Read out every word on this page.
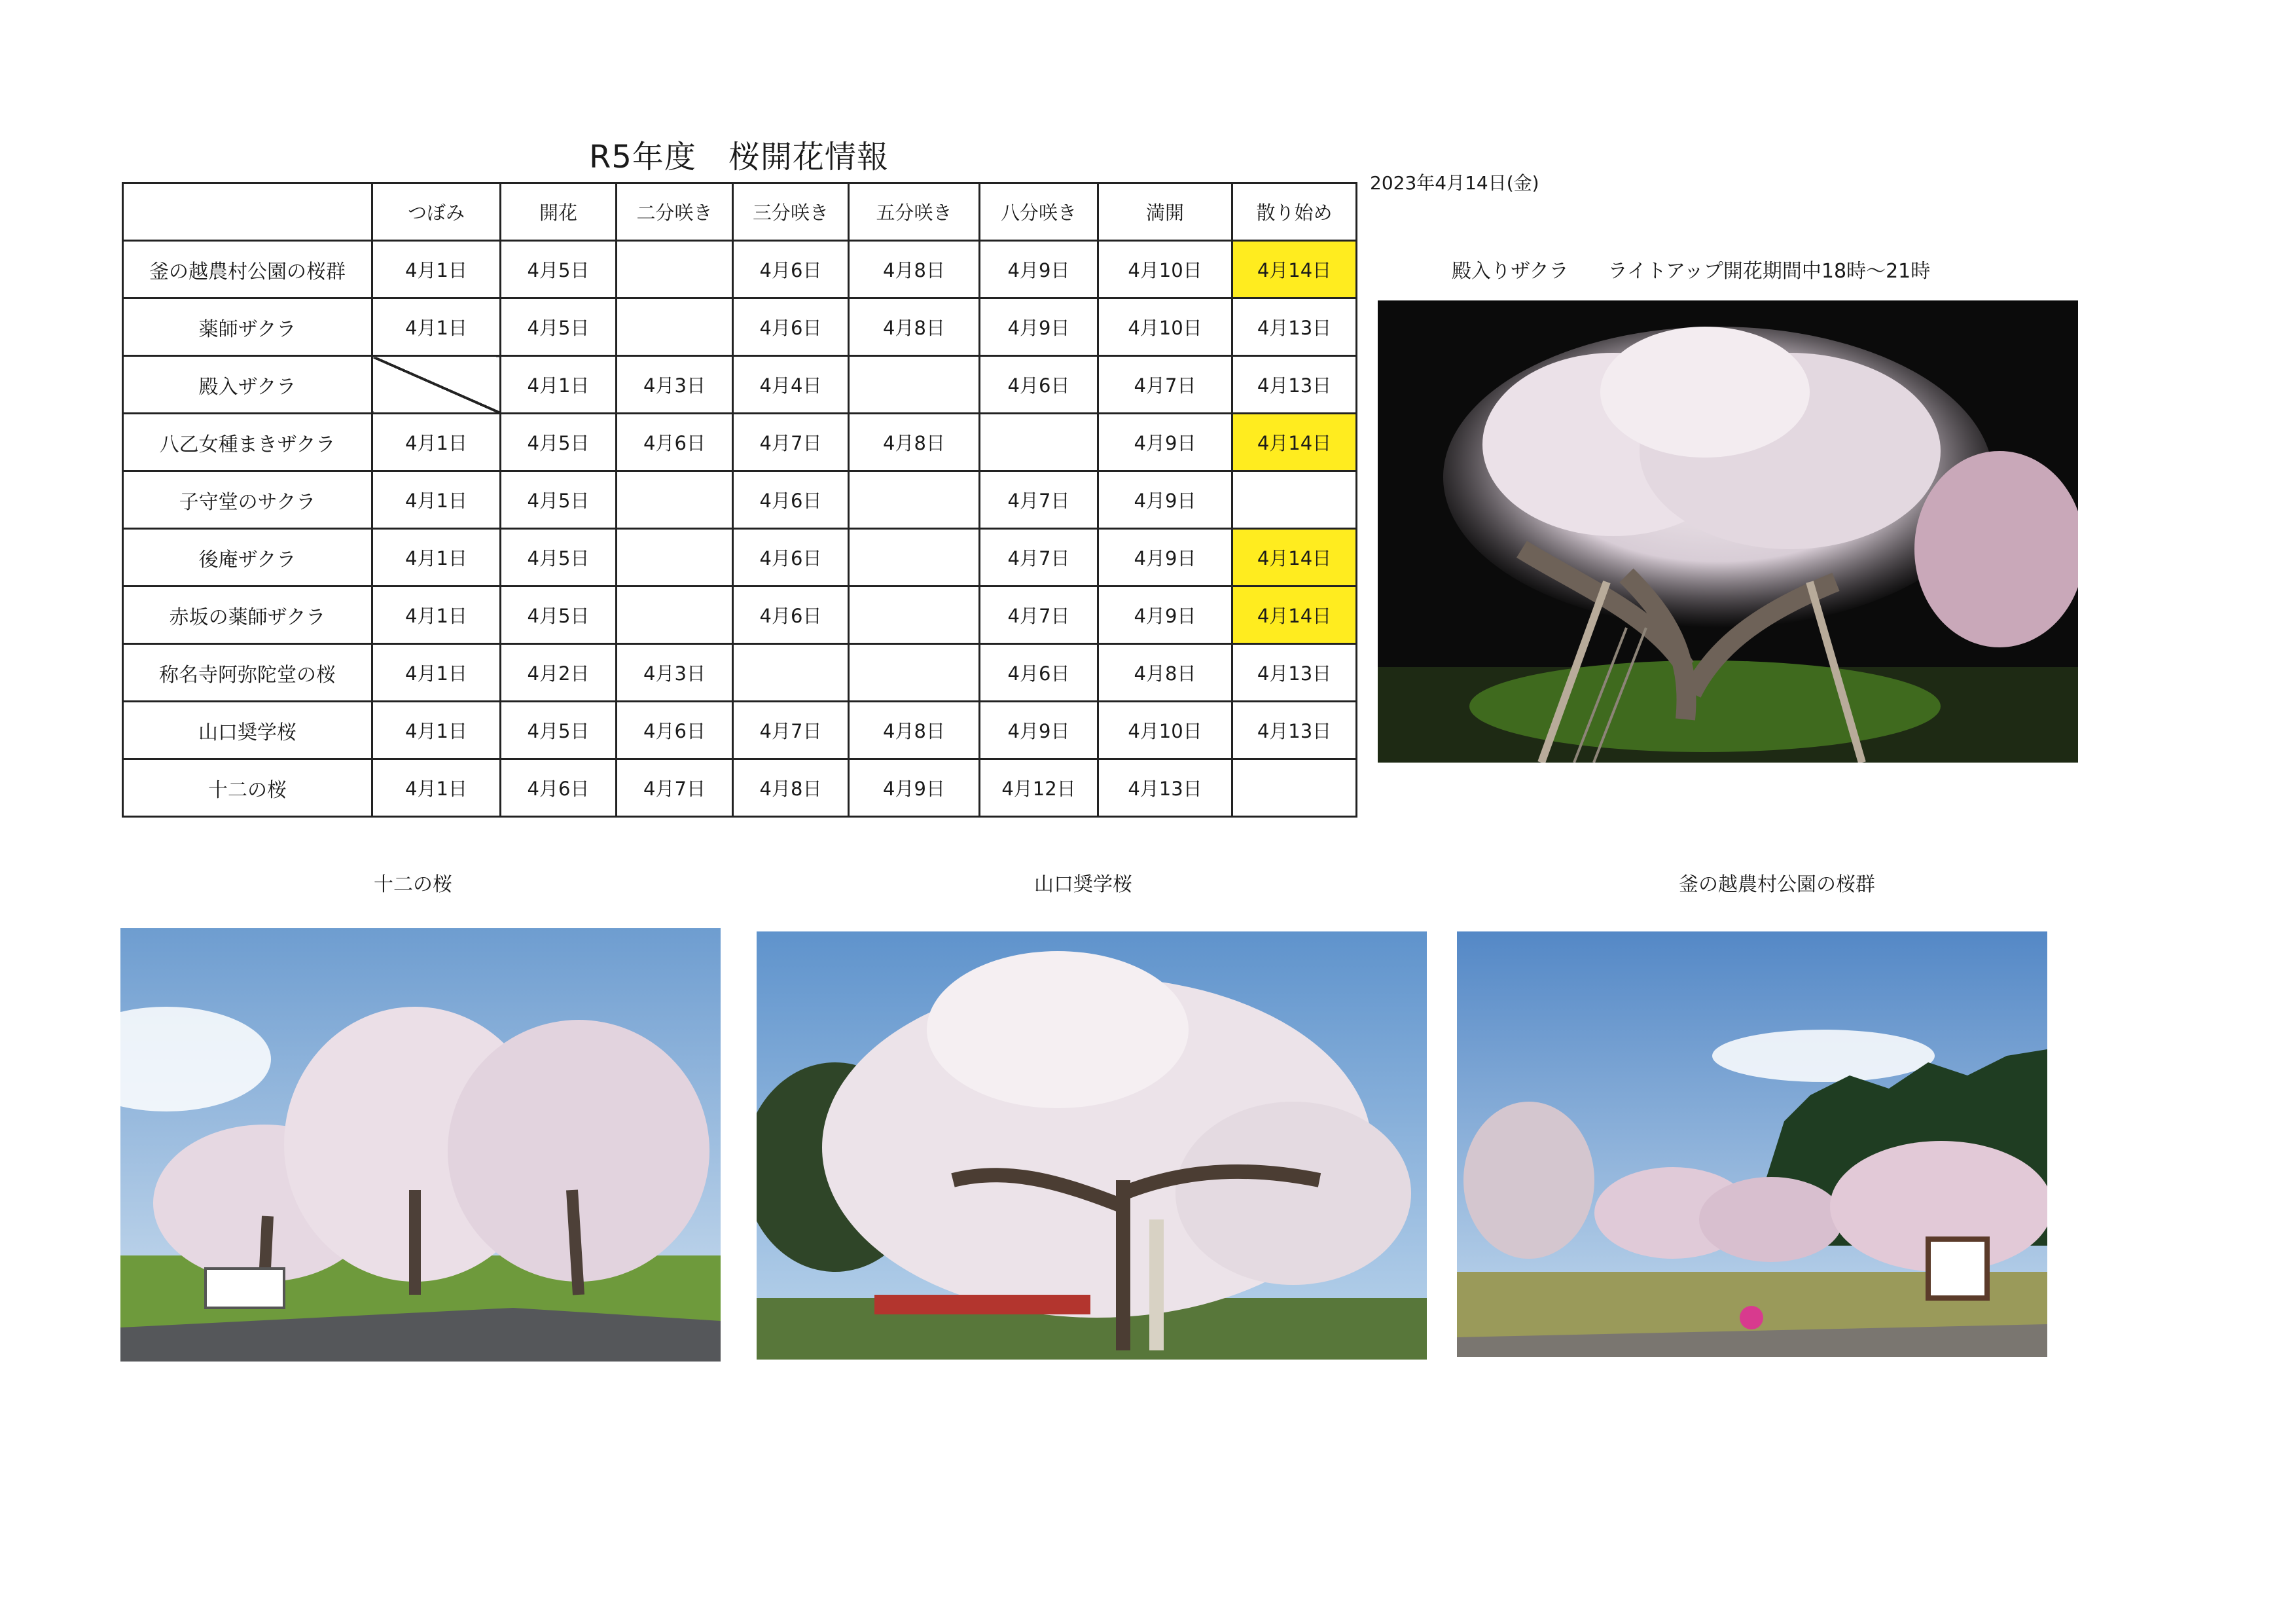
R5年度　桜開花情報
2023年4月14日(金)
	つぼみ	開花	二分咲き	三分咲き	五分咲き	八分咲き	満開	散り始め
釜の越農村公園の桜群	4月1日	4月5日		4月6日	4月8日	4月9日	4月10日	4月14日
薬師ザクラ	4月1日	4月5日		4月6日	4月8日	4月9日	4月10日	4月13日
殿入ザクラ		4月1日	4月3日	4月4日		4月6日	4月7日	4月13日
八乙女種まきザクラ	4月1日	4月5日	4月6日	4月7日	4月8日		4月9日	4月14日
子守堂のサクラ	4月1日	4月5日		4月6日		4月7日	4月9日	
後庵ザクラ	4月1日	4月5日		4月6日		4月7日	4月9日	4月14日
赤坂の薬師ザクラ	4月1日	4月5日		4月6日		4月7日	4月9日	4月14日
称名寺阿弥陀堂の桜	4月1日	4月2日	4月3日			4月6日	4月8日	4月13日
山口奨学桜	4月1日	4月5日	4月6日	4月7日	4月8日	4月9日	4月10日	4月13日
十二の桜	4月1日	4月6日	4月7日	4月8日	4月9日	4月12日	4月13日	
殿入りザクラ　　ライトアップ開花期間中18時～21時
十二の桜	山口奨学桜	釜の越農村公園の桜群
